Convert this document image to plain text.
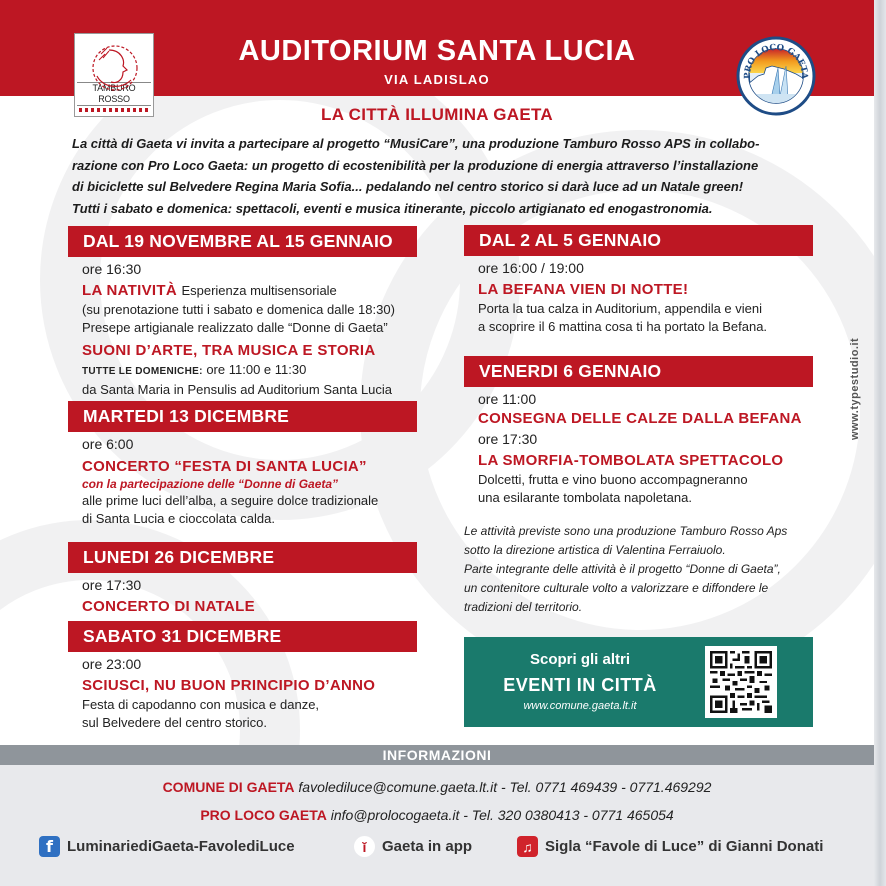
AUDITORIUM SANTA LUCIA
VIA LADISLAO
TAMBURO ROSSO
PRO LOCO GAETA
LA CITTÀ ILLUMINA GAETA
La città di Gaeta vi invita a partecipare al progetto “MusiCare”, una produzione Tamburo Rosso APS in collabo-
razione con Pro Loco Gaeta: un progetto di ecostenibilità per la produzione di energia attraverso l’installazione
di biciclette sul Belvedere Regina Maria Sofia... pedalando nel centro storico si darà luce ad un Natale green!
Tutti i sabato e domenica: spettacoli, eventi e musica itinerante, piccolo artigianato ed enogastronomia.
DAL 19 NOVEMBRE AL 15 GENNAIO
ore 16:30
LA NATIVITÀ Esperienza multisensoriale
(su prenotazione tutti i sabato e domenica dalle 18:30)
Presepe artigianale realizzato dalle “Donne di Gaeta”
SUONI D’ARTE, TRA MUSICA E STORIA
TUTTE LE DOMENICHE: ore 11:00 e 11:30
da Santa Maria in Pensulis ad Auditorium Santa Lucia
MARTEDI 13 DICEMBRE
ore 6:00
CONCERTO “FESTA DI SANTA LUCIA”
con la partecipazione delle “Donne di Gaeta”
alle prime luci dell’alba, a seguire dolce tradizionale
di Santa Lucia e cioccolata calda.
LUNEDI 26 DICEMBRE
ore 17:30
CONCERTO DI NATALE
SABATO 31 DICEMBRE
ore 23:00
SCIUSCI, NU BUON PRINCIPIO D’ANNO
Festa di capodanno con musica e danze,
sul Belvedere del centro storico.
DAL 2 AL 5 GENNAIO
ore 16:00 / 19:00
LA BEFANA VIEN DI NOTTE!
Porta la tua calza in Auditorium, appendila e vieni
a scoprire il 6 mattina cosa ti ha portato la Befana.
VENERDI 6 GENNAIO
ore 11:00
CONSEGNA DELLE CALZE DALLA BEFANA
ore 17:30
LA SMORFIA-TOMBOLATA SPETTACOLO
Dolcetti, frutta e vino buono accompagneranno
una esilarante tombolata napoletana.
Le attività previste sono una produzione Tamburo Rosso Aps
sotto la direzione artistica di Valentina Ferraiuolo.
Parte integrante delle attività è il progetto “Donne di Gaeta”,
un contenitore culturale volto a valorizzare e diffondere le
tradizioni del territorio.
Scopri gli altri
EVENTI IN CITTÀ
www.comune.gaeta.lt.it
www.typestudio.it
INFORMAZIONI
COMUNE DI GAETA favolediluce@comune.gaeta.lt.it - Tel. 0771 469439 - 0771.469292
PRO LOCO GAETA info@prolocogaeta.it - Tel. 320 0380413 - 0771 465054
f LuminariediGaeta-FavolediLuce	ĭ	Gaeta in app	♫ Sigla “Favole di Luce” di Gianni Donati
